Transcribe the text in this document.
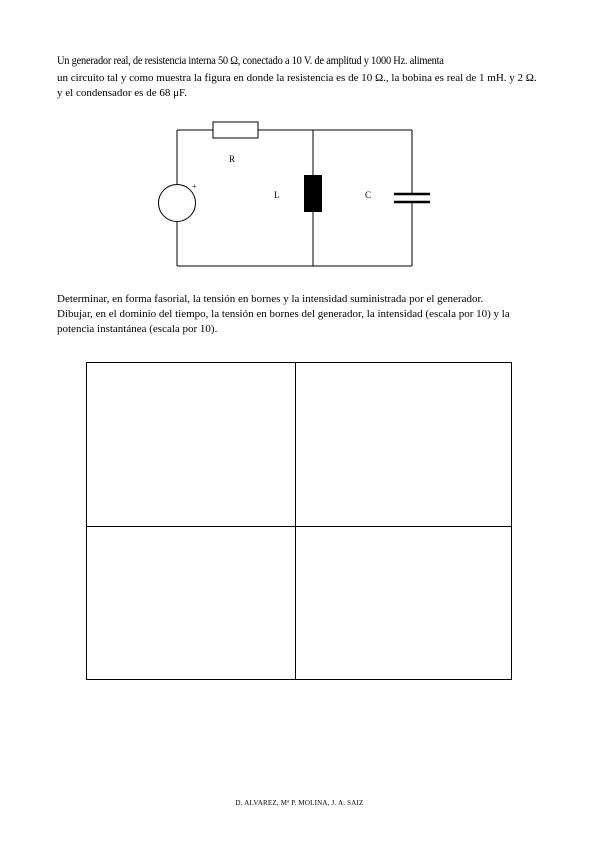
Un generador real, de resistencia interna 50 Ω, conectado a 10 V. de amplitud y 1000 Hz. alimenta
un circuito tal y como muestra la figura en donde la resistencia es de 10 Ω., la bobina es real de 1 mH. y 2 Ω. y el condensador es de 68 μF.
R
L	C
+
Determinar, en forma fasorial, la tensión en bornes y la intensidad suministrada por el generador.
Dibujar, en el dominio del tiempo, la tensión en bornes del generador, la intensidad (escala por 10) y la potencia instantánea (escala por 10).
D. ALVAREZ, Mª P. MOLINA, J. A. SAIZ
